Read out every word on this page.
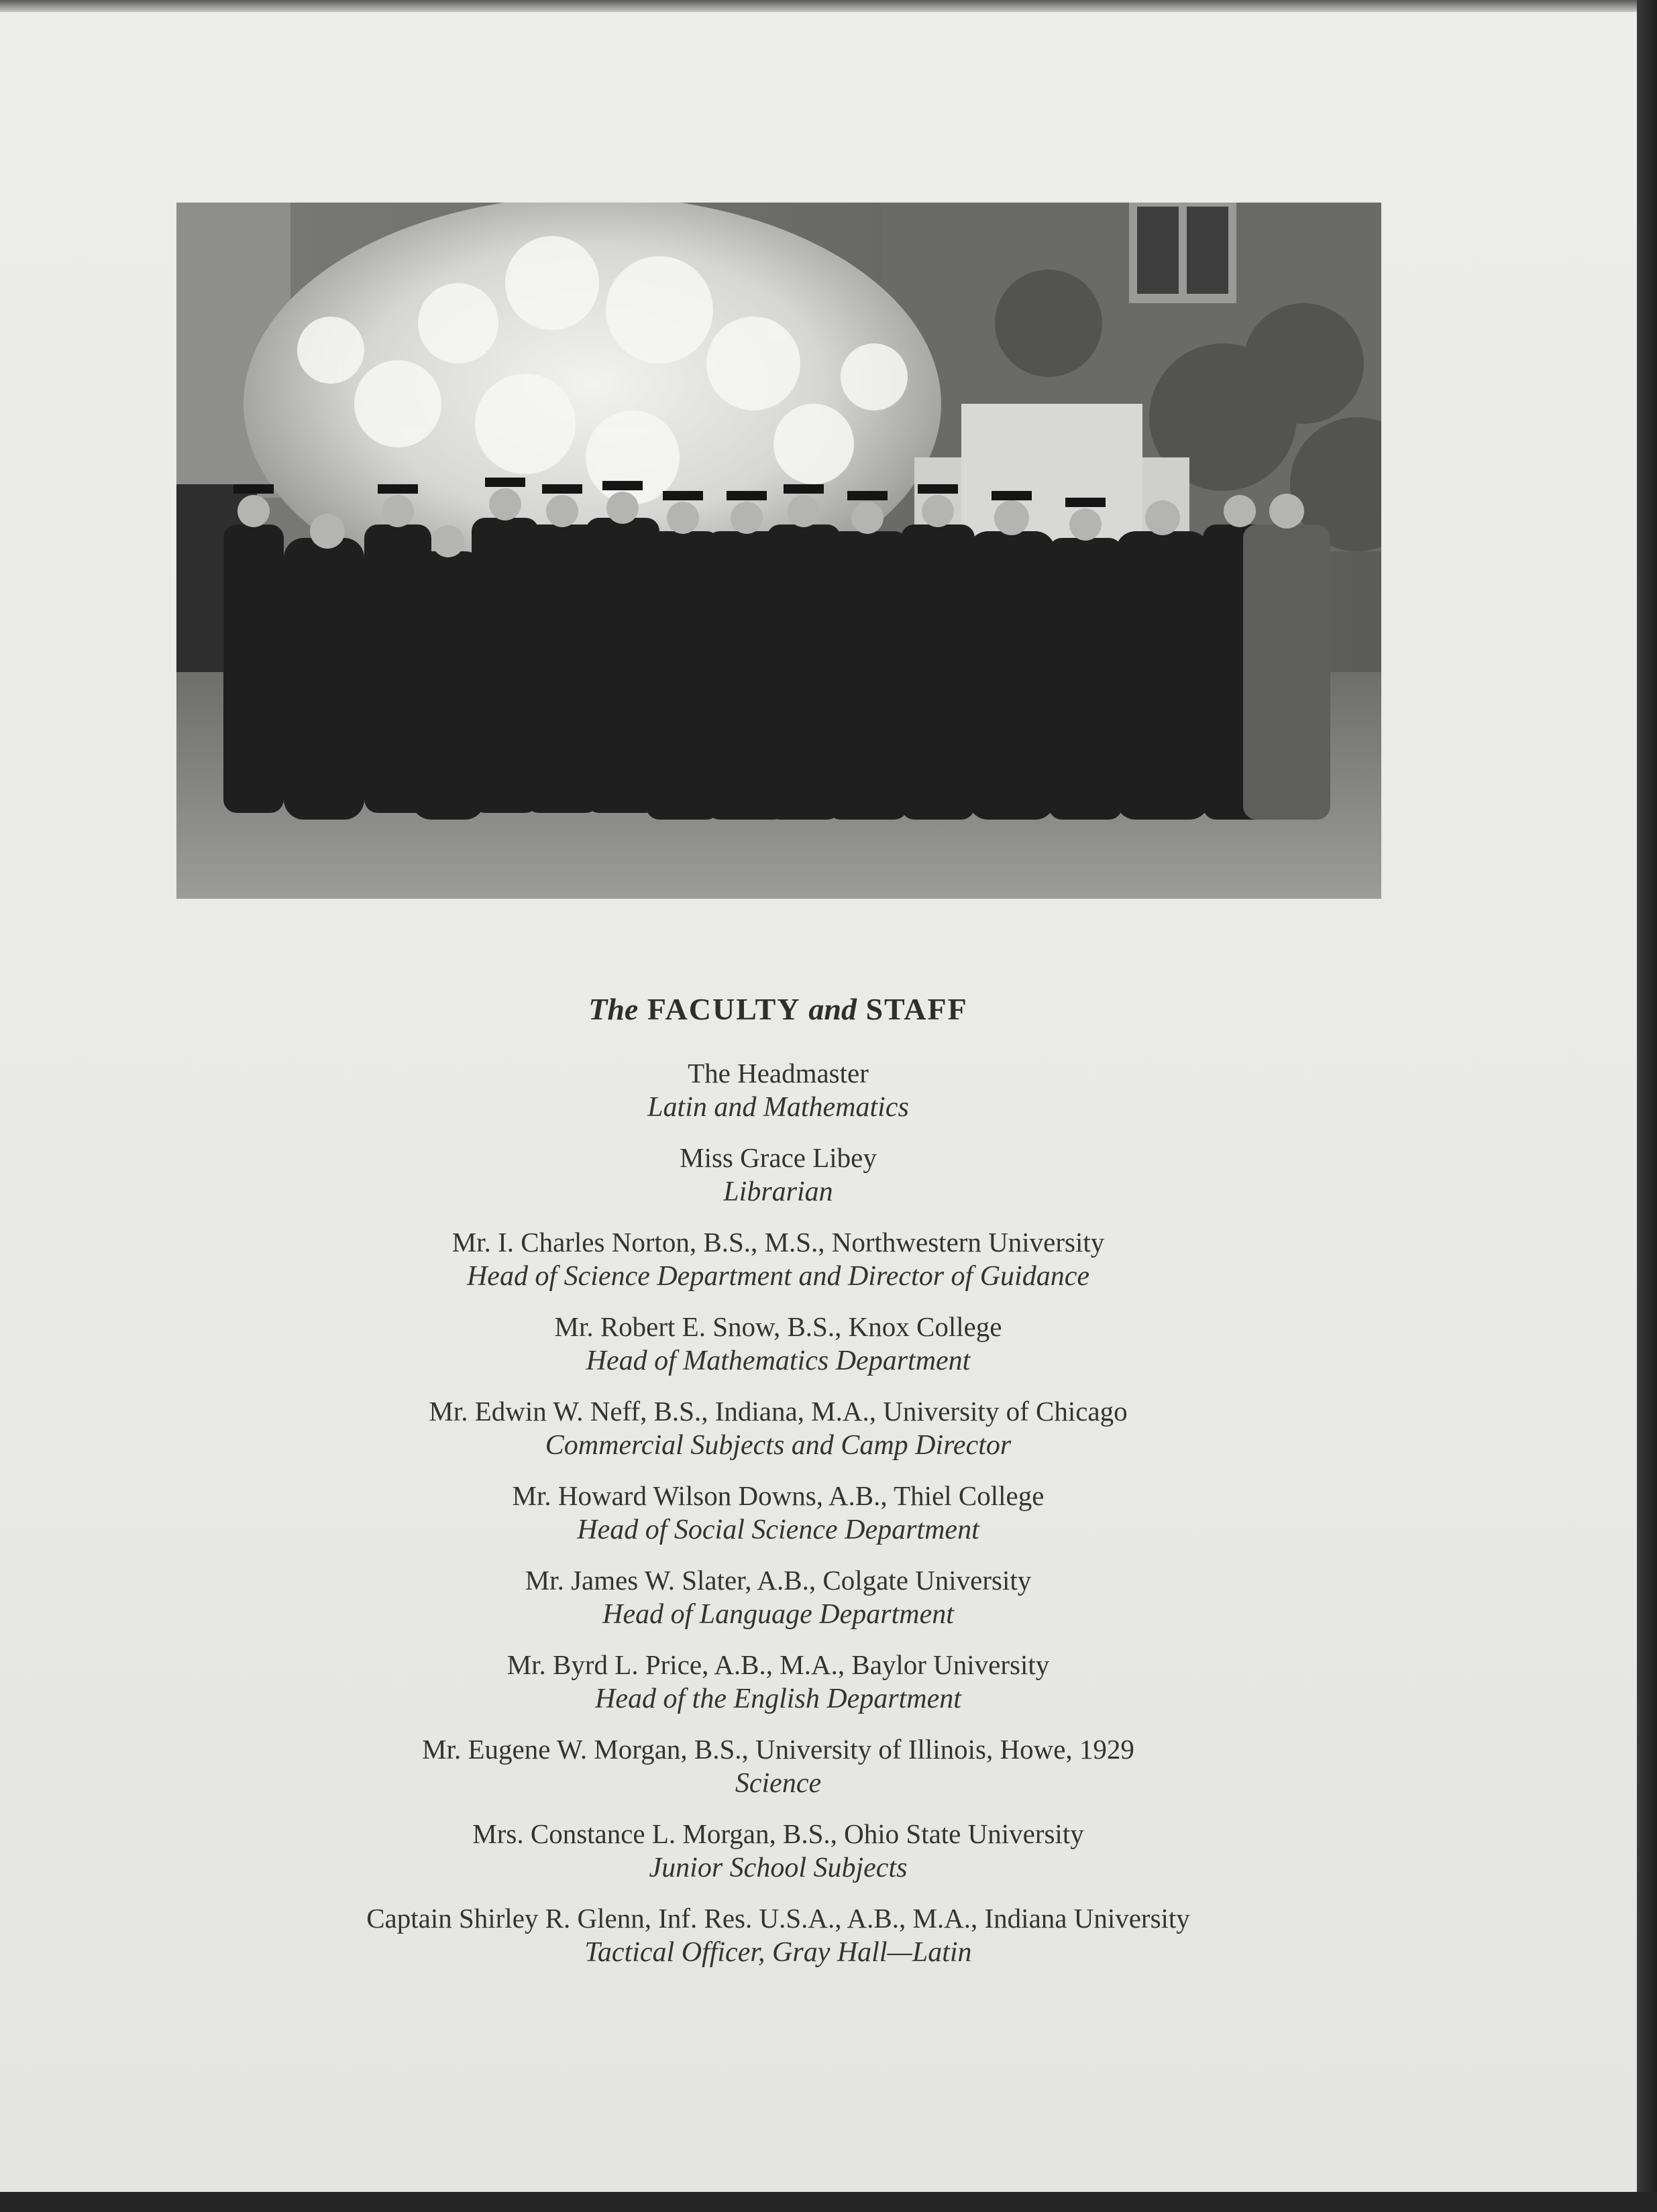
The FACULTY and STAFF
The Headmaster
Latin and Mathematics
Miss Grace Libey
Librarian
Mr. I. Charles Norton, B.S., M.S., Northwestern University
Head of Science Department and Director of Guidance
Mr. Robert E. Snow, B.S., Knox College
Head of Mathematics Department
Mr. Edwin W. Neff, B.S., Indiana, M.A., University of Chicago
Commercial Subjects and Camp Director
Mr. Howard Wilson Downs, A.B., Thiel College
Head of Social Science Department
Mr. James W. Slater, A.B., Colgate University
Head of Language Department
Mr. Byrd L. Price, A.B., M.A., Baylor University
Head of the English Department
Mr. Eugene W. Morgan, B.S., University of Illinois, Howe, 1929
Science
Mrs. Constance L. Morgan, B.S., Ohio State University
Junior School Subjects
Captain Shirley R. Glenn, Inf. Res. U.S.A., A.B., M.A., Indiana University
Tactical Officer, Gray Hall—Latin
